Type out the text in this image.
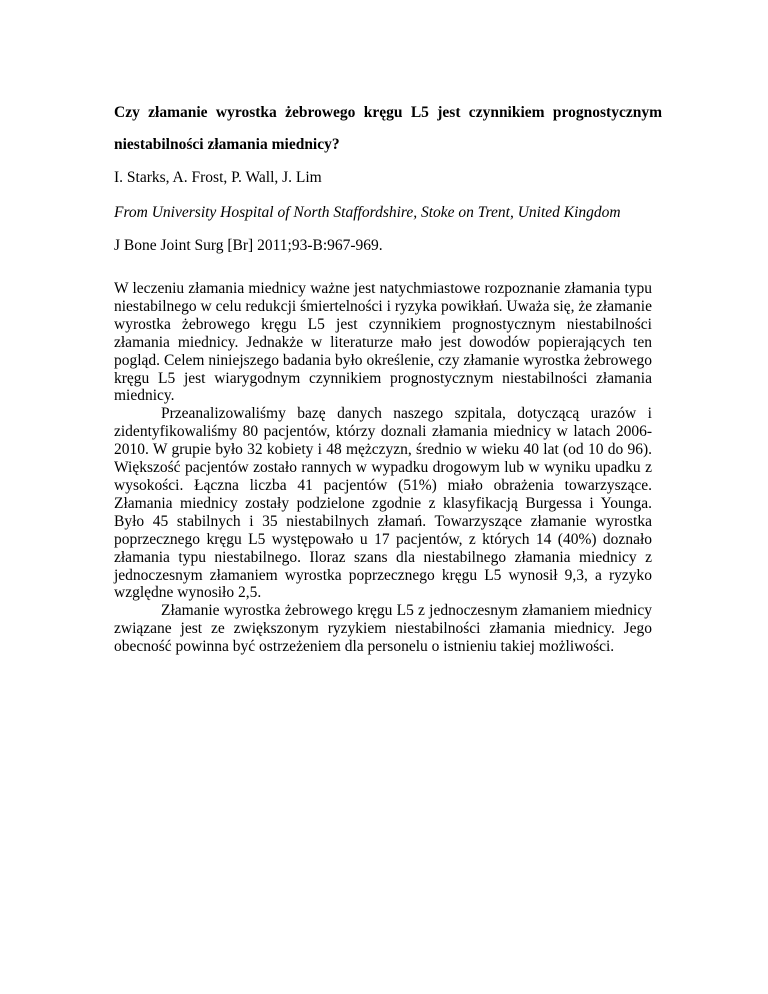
Czy złamanie wyrostka żebrowego kręgu L5 jest czynnikiem prognostycznym niestabilności złamania miednicy?

I. Starks, A. Frost, P. Wall, J. Lim

From University Hospital of North Staffordshire, Stoke on Trent, United Kingdom

J Bone Joint Surg [Br] 2011;93-B:967-969.

W leczeniu złamania miednicy ważne jest natychmiastowe rozpoznanie złamania typu niestabilnego w celu redukcji śmiertelności i ryzyka powikłań. Uważa się, że złamanie wyrostka żebrowego kręgu L5 jest czynnikiem prognostycznym niestabilności złamania miednicy. Jednakże w literaturze mało jest dowodów popierających ten pogląd. Celem niniejszego badania było określenie, czy złamanie wyrostka żebrowego kręgu L5 jest wiarygodnym czynnikiem prognostycznym niestabilności złamania miednicy.

Przeanalizowaliśmy bazę danych naszego szpitala, dotyczącą urazów i zidentyfikowaliśmy 80 pacjentów, którzy doznali złamania miednicy w latach 2006-2010. W grupie było 32 kobiety i 48 mężczyzn, średnio w wieku 40 lat (od 10 do 96). Większość pacjentów zostało rannych w wypadku drogowym lub w wyniku upadku z wysokości. Łączna liczba 41 pacjentów (51%) miało obrażenia towarzyszące. Złamania miednicy zostały podzielone zgodnie z klasyfikacją Burgessa i Younga. Było 45 stabilnych i 35 niestabilnych złamań. Towarzyszące złamanie wyrostka poprzecznego kręgu L5 występowało u 17 pacjentów, z których 14 (40%) doznało złamania typu niestabilnego. Iloraz szans dla niestabilnego złamania miednicy z jednoczesnym złamaniem wyrostka poprzecznego kręgu L5 wynosił 9,3, a ryzyko względne wynosiło 2,5.

Złamanie wyrostka żebrowego kręgu L5 z jednoczesnym złamaniem miednicy związane jest ze zwiększonym ryzykiem niestabilności złamania miednicy. Jego obecność powinna być ostrzeżeniem dla personelu o istnieniu takiej możliwości.
